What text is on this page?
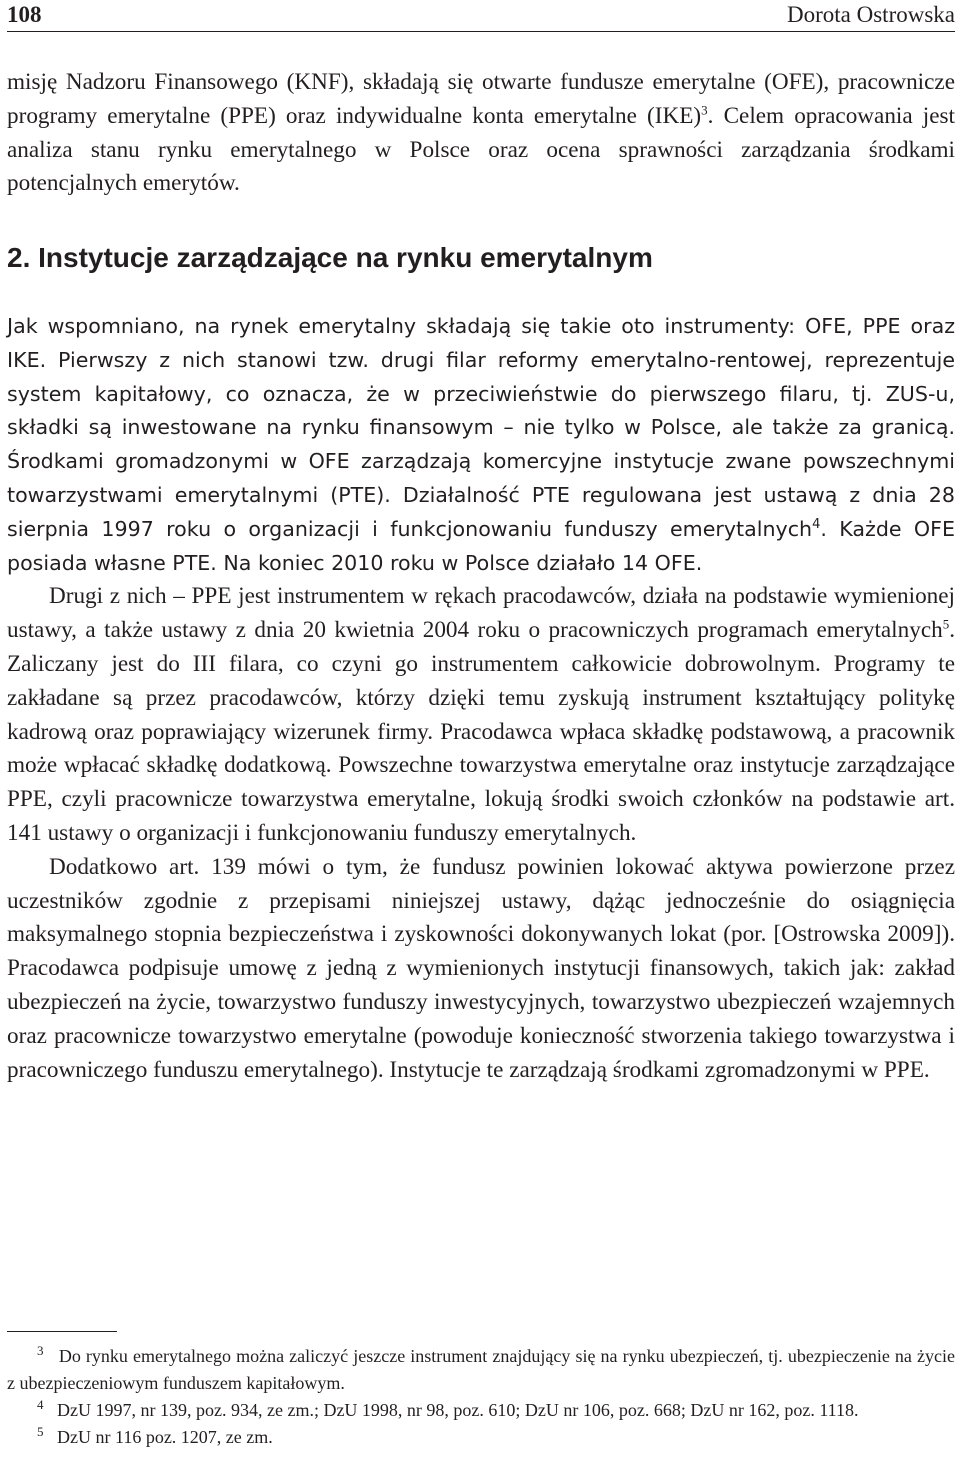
108	Dorota Ostrowska

misję Nadzoru Finansowego (KNF), składają się otwarte fundusze emerytalne (OFE), pracownicze programy emerytalne (PPE) oraz indywidualne konta emerytalne (IKE)$^3$. Celem opracowania jest analiza stanu rynku emerytalnego w Polsce oraz ocena sprawności zarządzania środkami potencjalnych emerytów.

2. Instytucje zarządzające na rynku emerytalnym

Jak wspomniano, na rynek emerytalny składają się takie oto instrumenty: OFE, PPE oraz IKE. Pierwszy z nich stanowi tzw. drugi filar reformy emerytalno-rentowej, reprezentuje system kapitałowy, co oznacza, że w przeciwieństwie do pierwszego filaru, tj. ZUS-u, składki są inwestowane na rynku finansowym – nie tylko w Polsce, ale także za granicą. Środkami gromadzonymi w OFE zarządzają komercyjne instytucje zwane powszechnymi towarzystwami emerytalnymi (PTE). Działalność PTE regulowana jest ustawą z dnia 28 sierpnia 1997 roku o organizacji i funkcjonowaniu funduszy emerytalnych$^4$. Każde OFE posiada własne PTE. Na koniec 2010 roku w Polsce działało 14 OFE.

Drugi z nich – PPE jest instrumentem w rękach pracodawców, działa na podstawie wymienionej ustawy, a także ustawy z dnia 20 kwietnia 2004 roku o pracowniczych programach emerytalnych$^5$. Zaliczany jest do III filara, co czyni go instrumentem całkowicie dobrowolnym. Programy te zakładane są przez pracodawców, którzy dzięki temu zyskują instrument kształtujący politykę kadrową oraz poprawiający wizerunek firmy. Pracodawca wpłaca składkę podstawową, a pracownik może wpłacać składkę dodatkową. Powszechne towarzystwa emerytalne oraz instytucje zarządzające PPE, czyli pracownicze towarzystwa emerytalne, lokują środki swoich członków na podstawie art. 141 ustawy o organizacji i funkcjonowaniu funduszy emerytalnych.

Dodatkowo art. 139 mówi o tym, że fundusz powinien lokować aktywa powierzone przez uczestników zgodnie z przepisami niniejszej ustawy, dążąc jednocześnie do osiągnięcia maksymalnego stopnia bezpieczeństwa i zyskowności dokonywanych lokat (por. [Ostrowska 2009]). Pracodawca podpisuje umowę z jedną z wymienionych instytucji finansowych, takich jak: zakład ubezpieczeń na życie, towarzystwo funduszy inwestycyjnych, towarzystwo ubezpieczeń wzajemnych oraz pracownicze towarzystwo emerytalne (powoduje konieczność stworzenia takiego towarzystwa i pracowniczego funduszu emerytalnego). Instytucje te zarządzają środkami zgromadzonymi w PPE.

$^3$ Do rynku emerytalnego można zaliczyć jeszcze instrument znajdujący się na rynku ubezpieczeń, tj. ubezpieczenie na życie z ubezpieczeniowym funduszem kapitałowym.

$^4$ DzU 1997, nr 139, poz. 934, ze zm.; DzU 1998, nr 98, poz. 610; DzU nr 106, poz. 668; DzU nr 162, poz. 1118.

$^5$ DzU nr 116 poz. 1207, ze zm.
